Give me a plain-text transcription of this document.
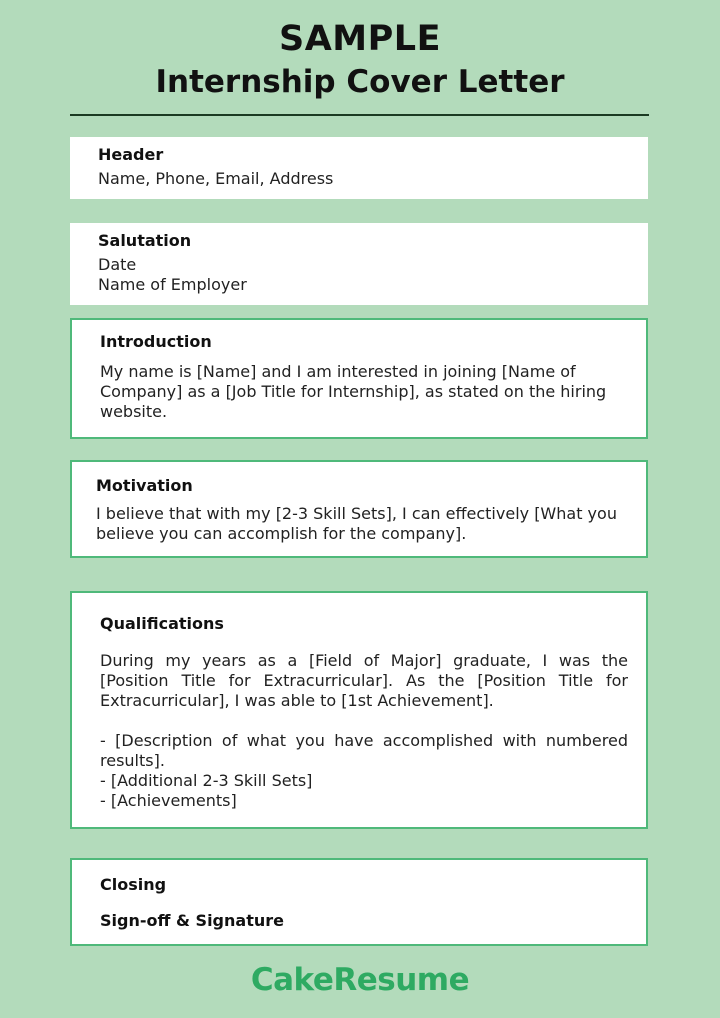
SAMPLE
Internship Cover Letter
Header
Name, Phone, Email, Address
Salutation
Date
Name of Employer
Introduction
My name is [Name] and I am interested in joining [Name of Company] as a [Job Title for Internship], as stated on the hiring website.
Motivation
I believe that with my [2-3 Skill Sets], I can effectively [What you believe you can accomplish for the company].
Qualifications
During my years as a [Field of Major] graduate, I was the [Position Title for Extracurricular]. As the [Position Title for Extracurricular], I was able to [1st Achievement].
- [Description of what you have accomplished with numbered results].
- [Additional 2-3 Skill Sets]
- [Achievements]
Closing
Sign-off & Signature
CakeResume
